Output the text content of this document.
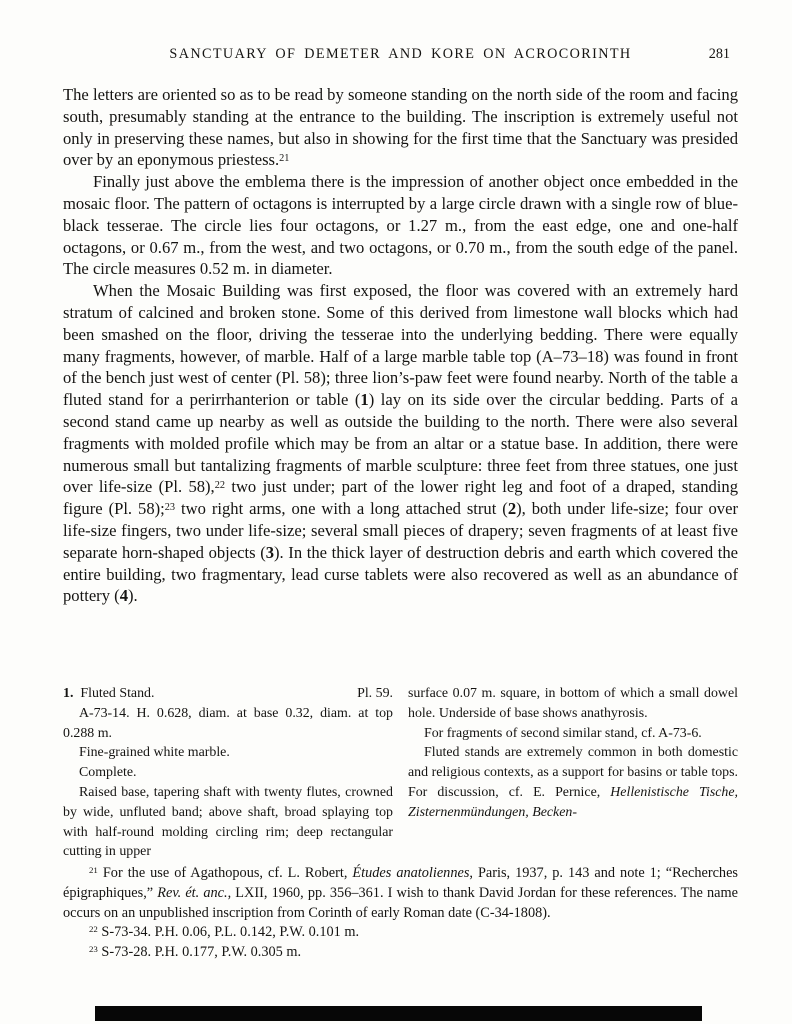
SANCTUARY OF DEMETER AND KORE ON ACROCORINTH	281

The letters are oriented so as to be read by someone standing on the north side of the room and facing south, presumably standing at the entrance to the building. The inscription is extremely useful not only in preserving these names, but also in showing for the first time that the Sanctuary was presided over by an eponymous priestess.$^{21}$

Finally just above the emblema there is the impression of another object once embedded in the mosaic floor. The pattern of octagons is interrupted by a large circle drawn with a single row of blue-black tesserae. The circle lies four octagons, or 1.27 m., from the east edge, one and one-half octagons, or 0.67 m., from the west, and two octagons, or 0.70 m., from the south edge of the panel. The circle measures 0.52 m. in diameter.

When the Mosaic Building was first exposed, the floor was covered with an extremely hard stratum of calcined and broken stone. Some of this derived from limestone wall blocks which had been smashed on the floor, driving the tesserae into the underlying bedding. There were equally many fragments, however, of marble. Half of a large marble table top (A–73–18) was found in front of the bench just west of center (Pl. 58); three lion’s-paw feet were found nearby. North of the table a fluted stand for a perirrhanterion or table (1) lay on its side over the circular bedding. Parts of a second stand came up nearby as well as outside the building to the north. There were also several fragments with molded profile which may be from an altar or a statue base. In addition, there were numerous small but tantalizing fragments of marble sculpture: three feet from three statues, one just over life-size (Pl. 58),$^{22}$ two just under; part of the lower right leg and foot of a draped, standing figure (Pl. 58);$^{23}$ two right arms, one with a long attached strut (2), both under life-size; four over life-size fingers, two under life-size; several small pieces of drapery; seven fragments of at least five separate horn-shaped objects (3). In the thick layer of destruction debris and earth which covered the entire building, two fragmentary, lead curse tablets were also recovered as well as an abundance of pottery (4).

1. Fluted Stand.	Pl. 59.

A-73-14. H. 0.628, diam. at base 0.32, diam. at top 0.288 m.

Fine-grained white marble.

Complete.

Raised base, tapering shaft with twenty flutes, crowned by wide, unfluted band; above shaft, broad splaying top with half-round molding circling rim; deep rectangular cutting in upper

surface 0.07 m. square, in bottom of which a small dowel hole. Underside of base shows anathyrosis.

For fragments of second similar stand, cf. A-73-6.

Fluted stands are extremely common in both domestic and religious contexts, as a support for basins or table tops. For discussion, cf. E. Pernice, Hellenistische Tische, Zisternenmündungen, Becken-

$^{21}$ For the use of Agathopous, cf. L. Robert, Études anatoliennes, Paris, 1937, p. 143 and note 1; “Recherches épigraphiques,” Rev. ét. anc., LXII, 1960, pp. 356–361. I wish to thank David Jordan for these references. The name occurs on an unpublished inscription from Corinth of early Roman date (C-34-1808).

$^{22}$ S-73-34. P.H. 0.06, P.L. 0.142, P.W. 0.101 m.

$^{23}$ S-73-28. P.H. 0.177, P.W. 0.305 m.
